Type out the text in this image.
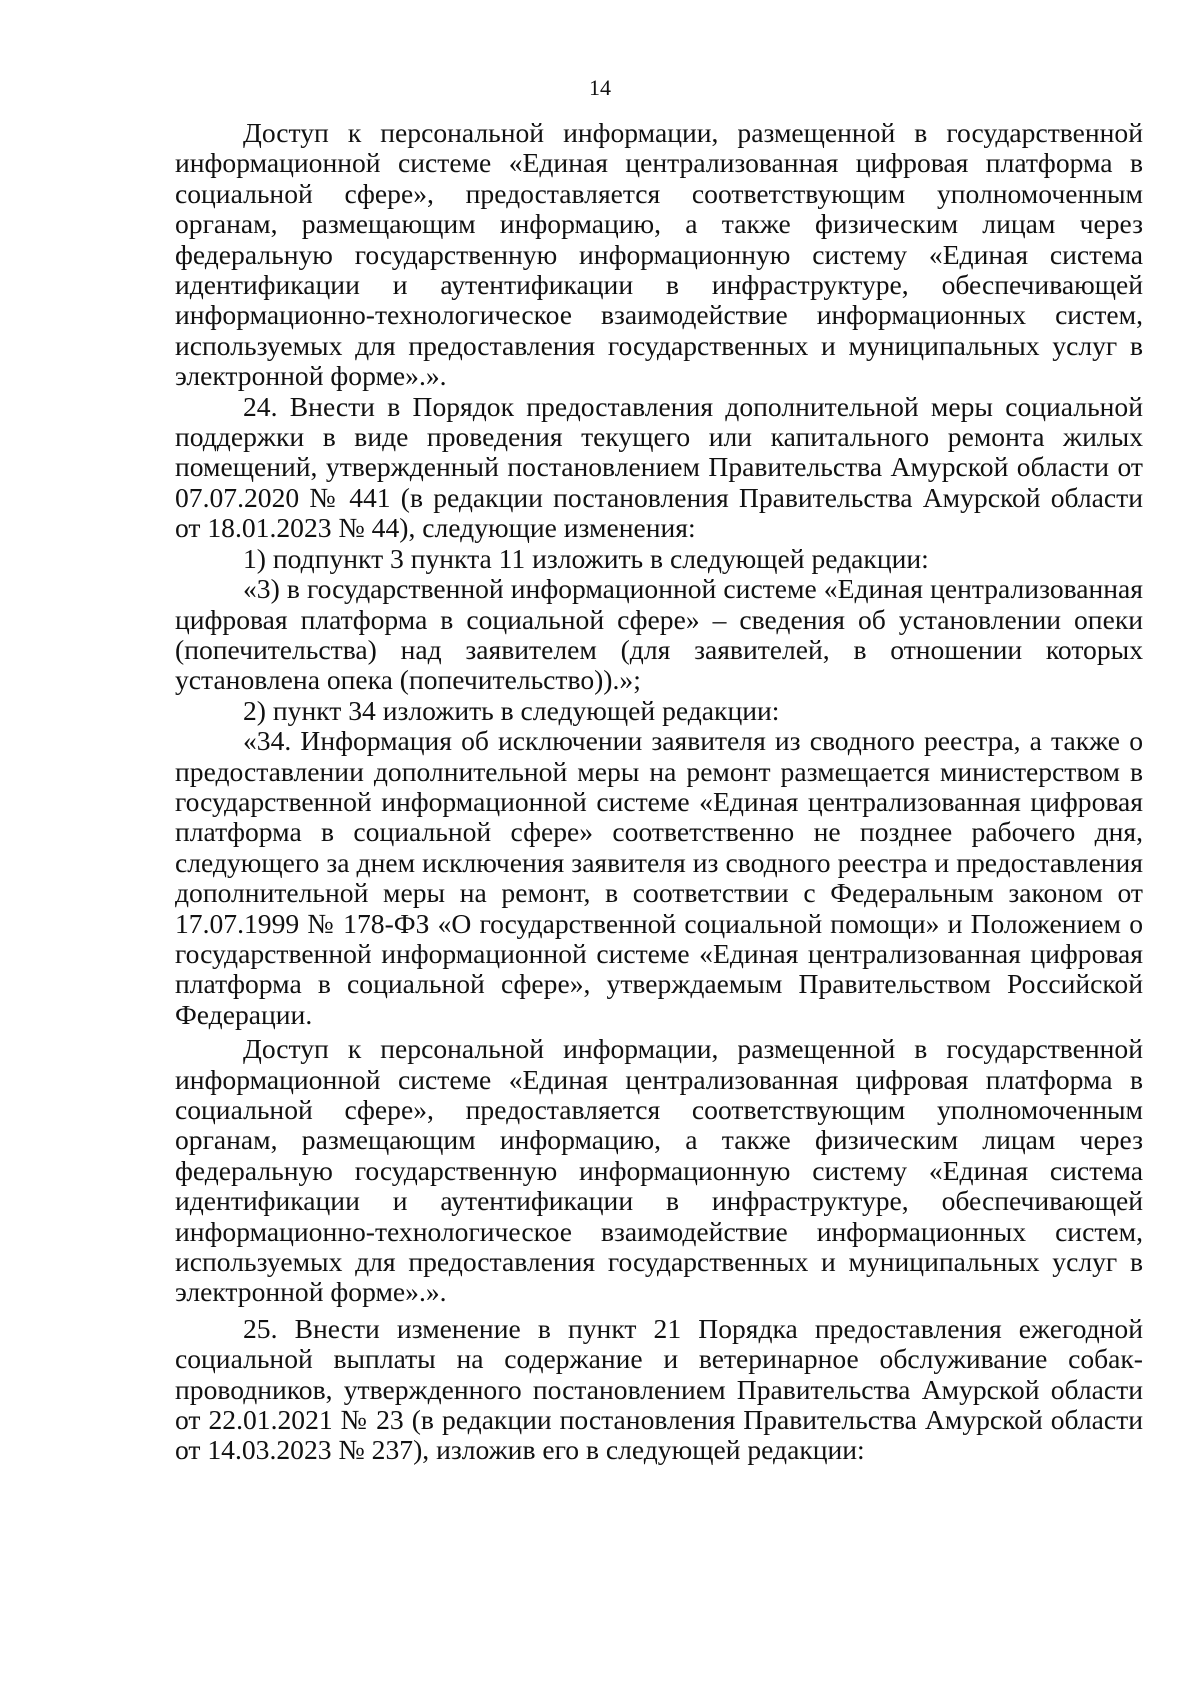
14

Доступ к персональной информации, размещенной в государственной информационной системе «Единая централизованная цифровая платформа в социальной сфере», предоставляется соответствующим уполномоченным органам, размещающим информацию, а также физическим лицам через федеральную государственную информационную систему «Единая система идентификации и аутентификации в инфраструктуре, обеспечивающей информационно-технологическое взаимодействие информационных систем, используемых для предоставления государственных и муниципальных услуг в электронной форме».».

24. Внести в Порядок предоставления дополнительной меры социальной поддержки в виде проведения текущего или капитального ремонта жилых помещений, утвержденный постановлением Правительства Амурской области от 07.07.2020 № 441 (в редакции постановления Правительства Амурской области от 18.01.2023 № 44), следующие изменения:

1) подпункт 3 пункта 11 изложить в следующей редакции:

«3) в государственной информационной системе «Единая централизованная цифровая платформа в социальной сфере» – сведения об установлении опеки (попечительства) над заявителем (для заявителей, в отношении которых установлена опека (попечительство)).»;

2) пункт 34 изложить в следующей редакции:

«34. Информация об исключении заявителя из сводного реестра, а также о предоставлении дополнительной меры на ремонт размещается министерством в государственной информационной системе «Единая централизованная цифровая платформа в социальной сфере» соответственно не позднее рабочего дня, следующего за днем исключения заявителя из сводного реестра и предоставления дополнительной меры на ремонт, в соответствии с Федеральным законом от 17.07.1999 № 178-ФЗ «О государственной социальной помощи» и Положением о государственной информационной системе «Единая централизованная цифровая платформа в социальной сфере», утверждаемым Правительством Российской Федерации.

Доступ к персональной информации, размещенной в государственной информационной системе «Единая централизованная цифровая платформа в социальной сфере», предоставляется соответствующим уполномоченным органам, размещающим информацию, а также физическим лицам через федеральную государственную информационную систему «Единая система идентификации и аутентификации в инфраструктуре, обеспечивающей информационно-технологическое взаимодействие информационных систем, используемых для предоставления государственных и муниципальных услуг в электронной форме».».

25. Внести изменение в пункт 21 Порядка предоставления ежегодной социальной выплаты на содержание и ветеринарное обслуживание собак-проводников, утвержденного постановлением Правительства Амурской области от 22.01.2021 № 23 (в редакции постановления Правительства Амурской области от 14.03.2023 № 237), изложив его в следующей редакции:
